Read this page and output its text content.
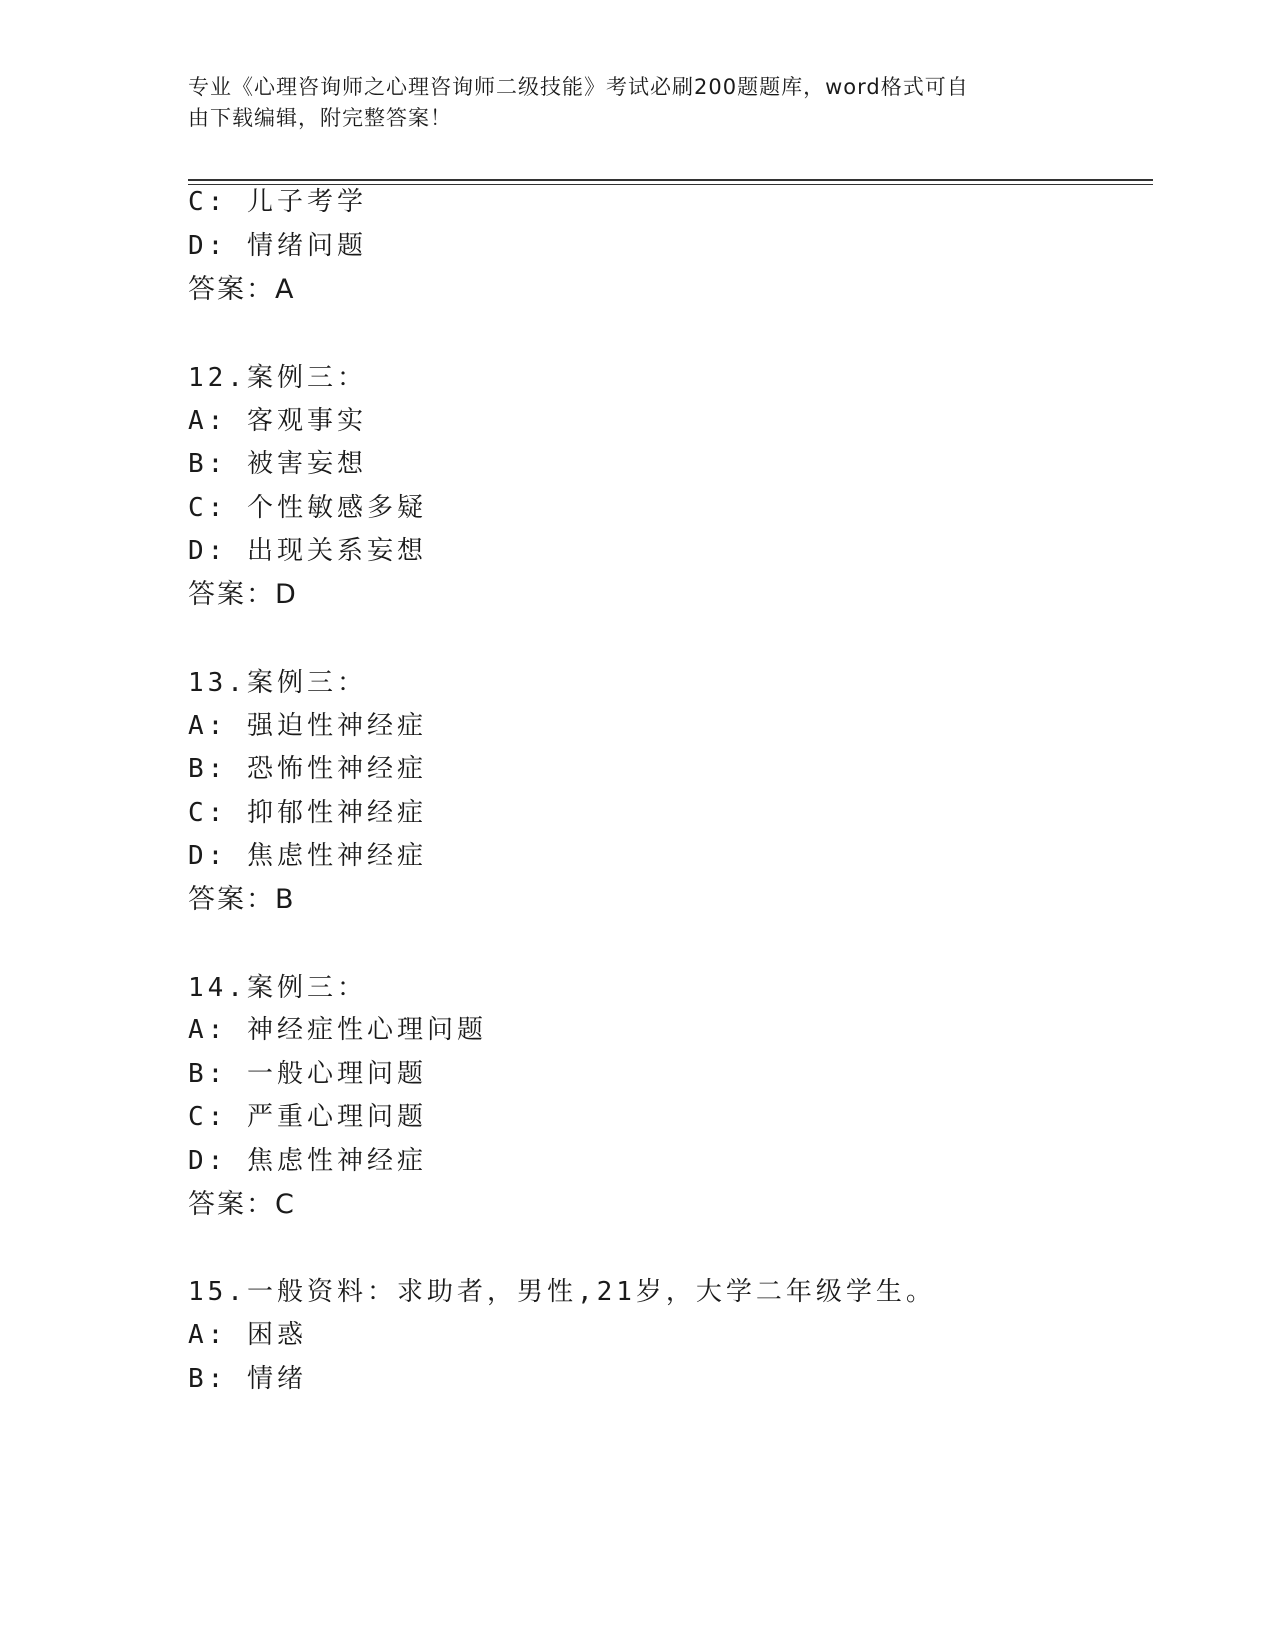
专业《心理咨询师之心理咨询师二级技能》考试必刷200题题库，word格式可自
由下载编辑，附完整答案！
C: 儿子考学
D: 情绪问题
答案：A
12.案例三：
A: 客观事实
B: 被害妄想
C: 个性敏感多疑
D: 出现关系妄想
答案：D
13.案例三：
A: 强迫性神经症
B: 恐怖性神经症
C: 抑郁性神经症
D: 焦虑性神经症
答案：B
14.案例三：
A: 神经症性心理问题
B: 一般心理问题
C: 严重心理问题
D: 焦虑性神经症
答案：C
15.一般资料：求助者，男性,21岁，大学二年级学生。
A: 困惑
B: 情绪
